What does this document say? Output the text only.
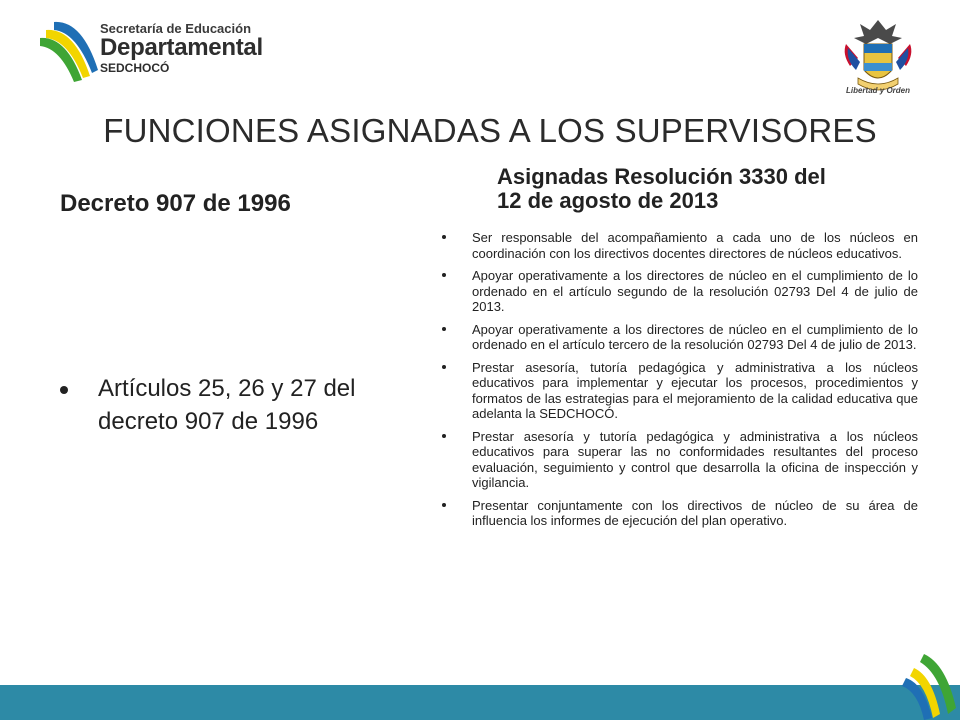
Secretaría de Educación
Departamental
SEDCHOCÓ
Libertad y Orden
FUNCIONES ASIGNADAS A LOS SUPERVISORES
Decreto 907 de 1996
Artículos 25, 26 y 27 del decreto 907 de 1996
Asignadas Resolución 3330 del
12 de agosto de 2013
Ser responsable del acompañamiento a cada uno de los núcleos en coordinación con los directivos docentes directores de núcleos educativos.
Apoyar operativamente a los directores de núcleo en el cumplimiento de lo ordenado en el artículo segundo de la resolución 02793 Del 4 de julio de 2013.
Apoyar operativamente a los directores de núcleo en el cumplimiento de lo ordenado en el artículo tercero de la resolución 02793 Del 4 de julio de 2013.
Prestar asesoría, tutoría pedagógica y administrativa a los núcleos educativos para implementar y ejecutar los procesos, procedimientos y formatos de las estrategias para el mejoramiento de la calidad educativa que adelanta la SEDCHOCÓ.
Prestar asesoría y tutoría pedagógica y administrativa a los núcleos educativos para superar las no conformidades resultantes del proceso evaluación, seguimiento y control que desarrolla la oficina de inspección y vigilancia.
Presentar conjuntamente con los directivos de núcleo de su área de influencia los informes de ejecución del plan operativo.
